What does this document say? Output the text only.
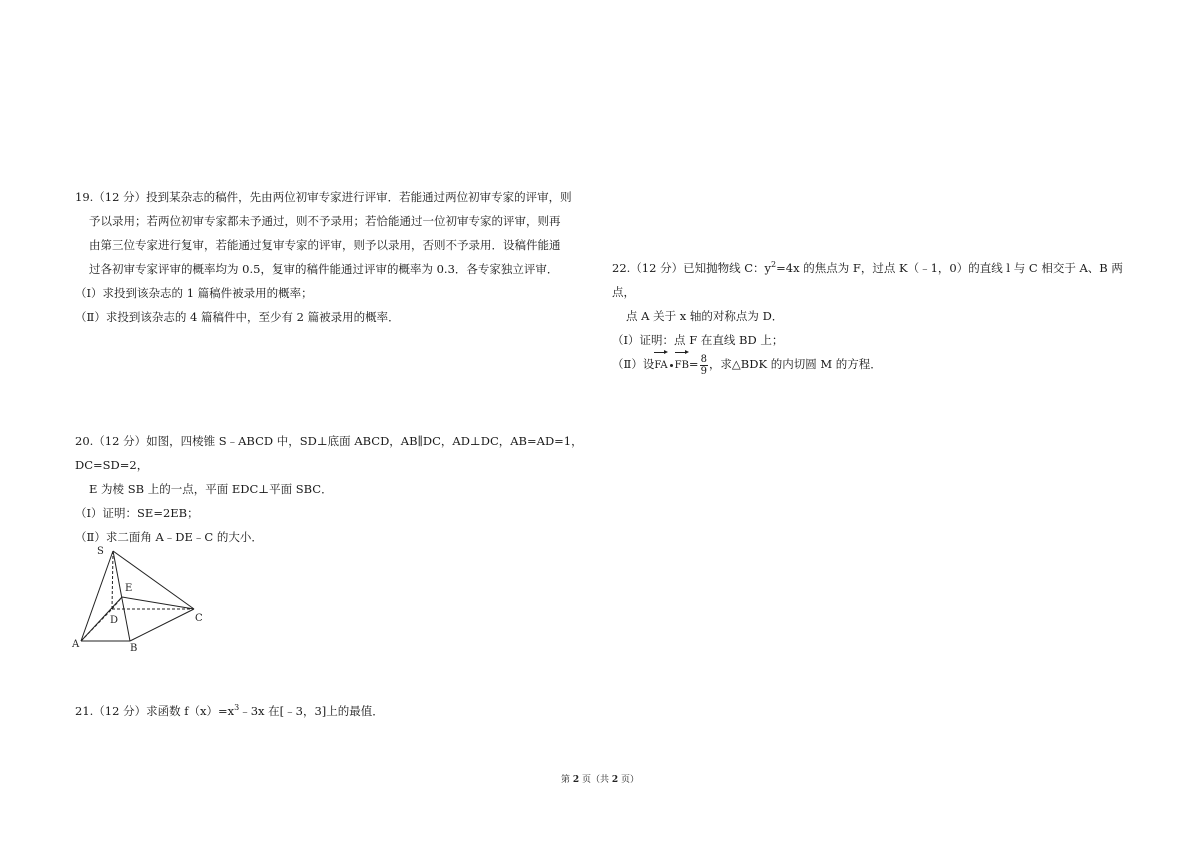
19.（12 分）投到某杂志的稿件，先由两位初审专家进行评审．若能通过两位初审专家的评审，则
予以录用；若两位初审专家都未予通过，则不予录用；若恰能通过一位初审专家的评审，则再
由第三位专家进行复审，若能通过复审专家的评审，则予以录用，否则不予录用．设稿件能通
过各初审专家评审的概率均为 0.5，复审的稿件能通过评审的概率为 0.3．各专家独立评审．
（Ⅰ）求投到该杂志的 1 篇稿件被录用的概率；
（Ⅱ）求投到该杂志的 4 篇稿件中，至少有 2 篇被录用的概率．
20.（12 分）如图，四棱锥 S﹣ABCD 中，SD⊥底面 ABCD，AB∥DC，AD⊥DC，AB=AD=1，DC=SD=2，
E 为棱 SB 上的一点，平面 EDC⊥平面 SBC．
（Ⅰ）证明：SE=2EB；
（Ⅱ）求二面角 A﹣DE﹣C 的大小．
S
E
D	C
A	B
21.（12 分）求函数 $f(x)=x^3﹣3x$ 在[﹣3，3]上的最值．
22.（12 分）已知抛物线 C：$y^2=4x$ 的焦点为 F，过点 K（﹣1，0）的直线 l 与 C 相交于 A、B 两点，
点 A 关于 x 轴的对称点为 D．
（Ⅰ）证明：点 F 在直线 BD 上；
（Ⅱ）设FA $FB= \frac{8}{9}$ ，求△BDK 的内切圆 M 的方程．
第 2 页（共 2 页）
